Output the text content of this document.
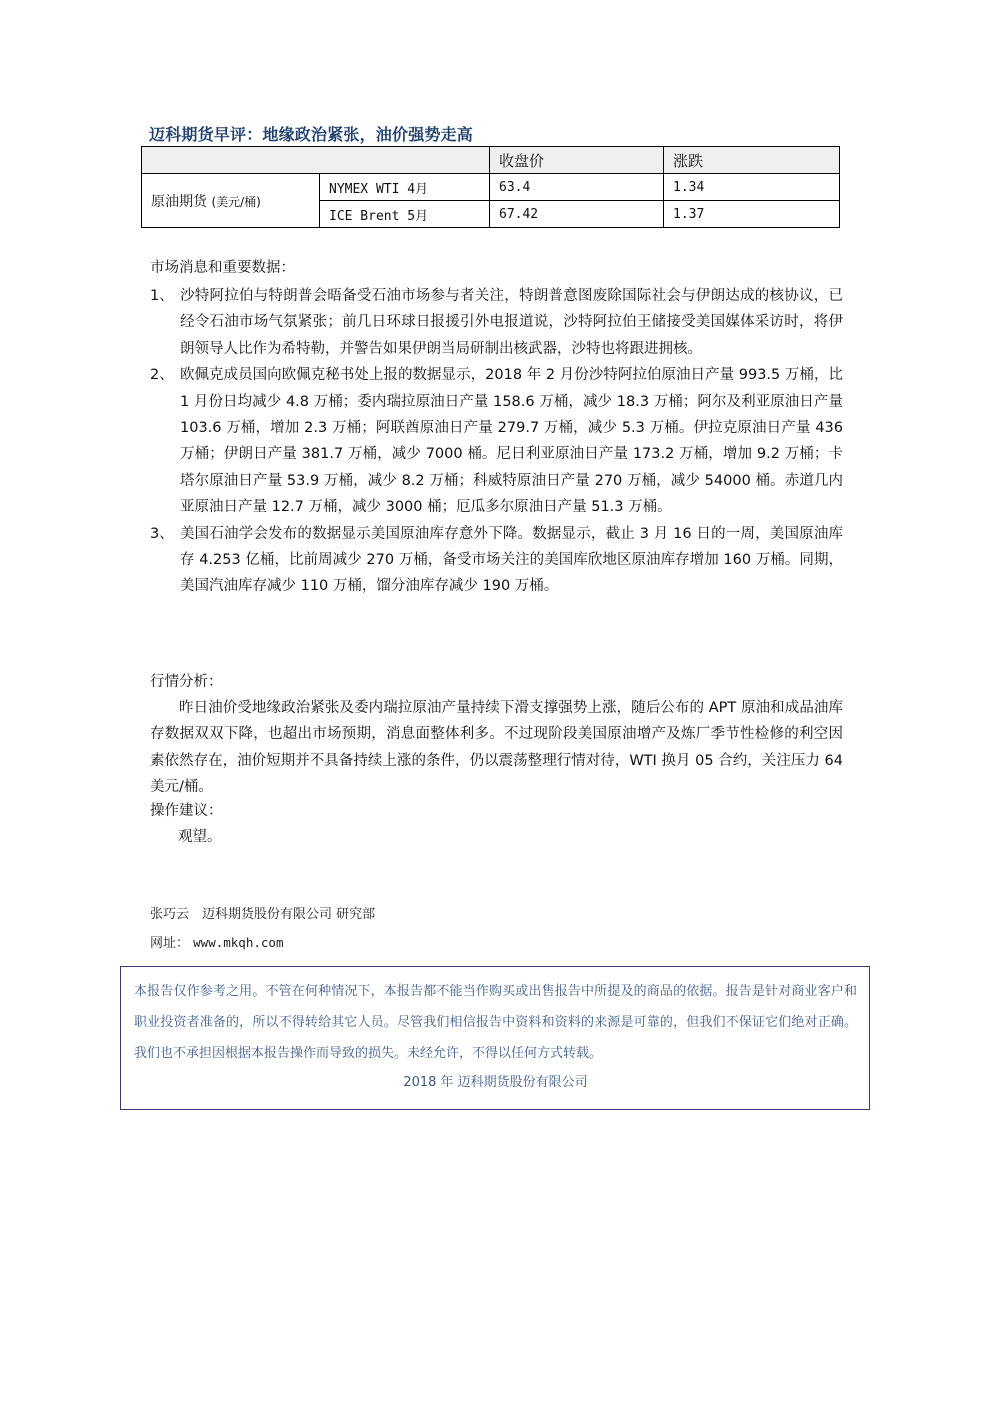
迈科期货早评：地缘政治紧张，油价强势走高
		收盘价	涨跌
原油期货 (美元/桶)	NYMEX WTI 4月	63.4	1.34
	ICE Brent 5月	67.42	1.37
市场消息和重要数据：
1、 沙特阿拉伯与特朗普会晤备受石油市场参与者关注，特朗普意图废除国际社会与伊朗达成的核协议，已经令石油市场气氛紧张；前几日环球日报援引外电报道说，沙特阿拉伯王储接受美国媒体采访时，将伊朗领导人比作为希特勒，并警告如果伊朗当局研制出核武器，沙特也将跟进拥核。
2、 欧佩克成员国向欧佩克秘书处上报的数据显示，2018 年 2 月份沙特阿拉伯原油日产量 993.5 万桶，比 1 月份日均减少 4.8 万桶；委内瑞拉原油日产量 158.6 万桶，减少 18.3 万桶；阿尔及利亚原油日产量 103.6 万桶，增加 2.3 万桶；阿联酋原油日产量 279.7 万桶，减少 5.3 万桶。伊拉克原油日产量 436 万桶；伊朗日产量 381.7 万桶，减少 7000 桶。尼日利亚原油日产量 173.2 万桶，增加 9.2 万桶；卡塔尔原油日产量 53.9 万桶，减少 8.2 万桶；科威特原油日产量 270 万桶，减少 54000 桶。赤道几内亚原油日产量 12.7 万桶，减少 3000 桶；厄瓜多尔原油日产量 51.3 万桶。
3、 美国石油学会发布的数据显示美国原油库存意外下降。数据显示，截止 3 月 16 日的一周，美国原油库存 4.253 亿桶，比前周减少 270 万桶，备受市场关注的美国库欣地区原油库存增加 160 万桶。同期，美国汽油库存减少 110 万桶，馏分油库存减少 190 万桶。
行情分析：
昨日油价受地缘政治紧张及委内瑞拉原油产量持续下滑支撑强势上涨，随后公布的 APT 原油和成品油库存数据双双下降，也超出市场预期，消息面整体利多。不过现阶段美国原油增产及炼厂季节性检修的利空因素依然存在，油价短期并不具备持续上涨的条件，仍以震荡整理行情对待，WTI 换月 05 合约，关注压力 64 美元/桶。
操作建议：
观望。
张巧云　迈科期货股份有限公司 研究部
网址： www.mkqh.com
本报告仅作参考之用。不管在何种情况下，本报告都不能当作购买或出售报告中所提及的商品的依据。报告是针对商业客户和职业投资者准备的，所以不得转给其它人员。尽管我们相信报告中资料和资料的来源是可靠的，但我们不保证它们绝对正确。我们也不承担因根据本报告操作而导致的损失。未经允许，不得以任何方式转载。
2018 年 迈科期货股份有限公司
